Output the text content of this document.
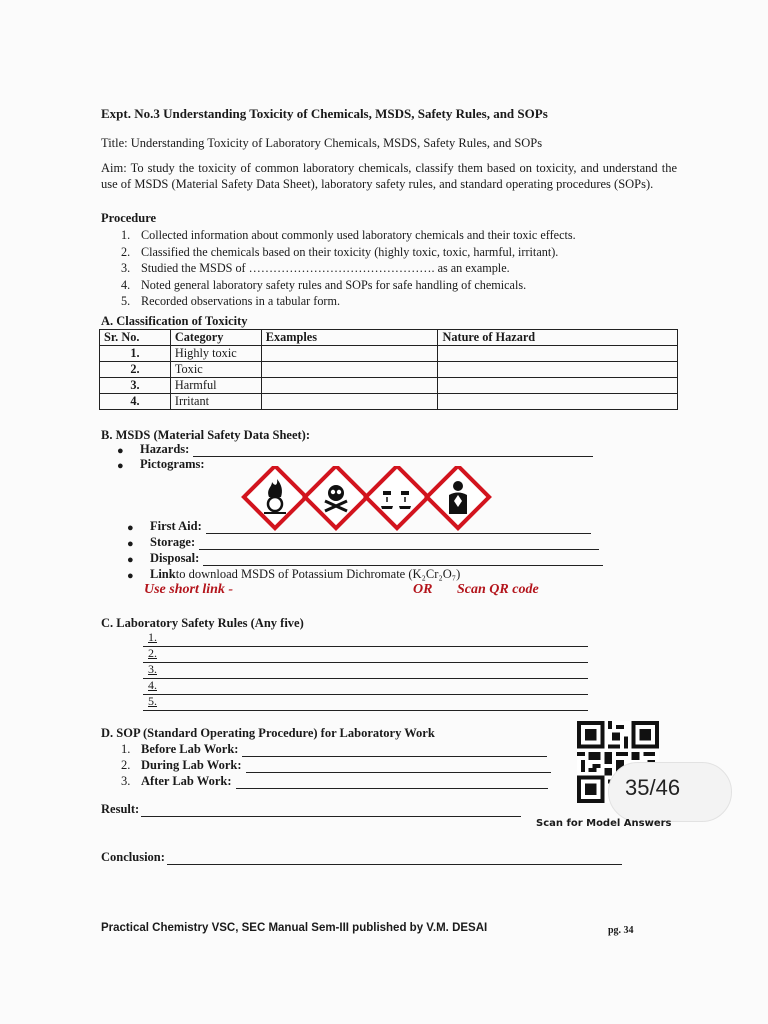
Expt. No.3 Understanding Toxicity of Chemicals, MSDS, Safety Rules, and SOPs
Title: Understanding Toxicity of Laboratory Chemicals, MSDS, Safety Rules, and SOPs
Aim: To study the toxicity of common laboratory chemicals, classify them based on toxicity, and understand the use of MSDS (Material Safety Data Sheet), laboratory safety rules, and standard operating procedures (SOPs).
Procedure
1. Collected information about commonly used laboratory chemicals and their toxic effects.
2. Classified the chemicals based on their toxicity (highly toxic, toxic, harmful, irritant).
3. Studied the MSDS of ………………………………………. as an example.
4. Noted general laboratory safety rules and SOPs for safe handling of chemicals.
5. Recorded observations in a tabular form.
A. Classification of Toxicity
Sr. No.	Category	Examples	Nature of Hazard
1.	Highly toxic		
2.	Toxic		
3.	Harmful		
4.	Irritant		
B. MSDS (Material Safety Data Sheet):
●	Hazards:
●	Pictograms:
●	First Aid:
●	Storage:
●	Disposal:
●	Link to download MSDS of Potassium Dichromate (K₂Cr₂O₇)
Use short link -	OR Scan QR code
C. Laboratory Safety Rules (Any five)
1.
2.
3.
4.
5.
D. SOP (Standard Operating Procedure) for Laboratory Work
1. Before Lab Work:
2. During Lab Work:
3. After Lab Work:	35/46
Result:
Scan for Model Answers
Conclusion:
Practical Chemistry VSC, SEC Manual Sem-III published by V.M. DESAI	pg. 34
